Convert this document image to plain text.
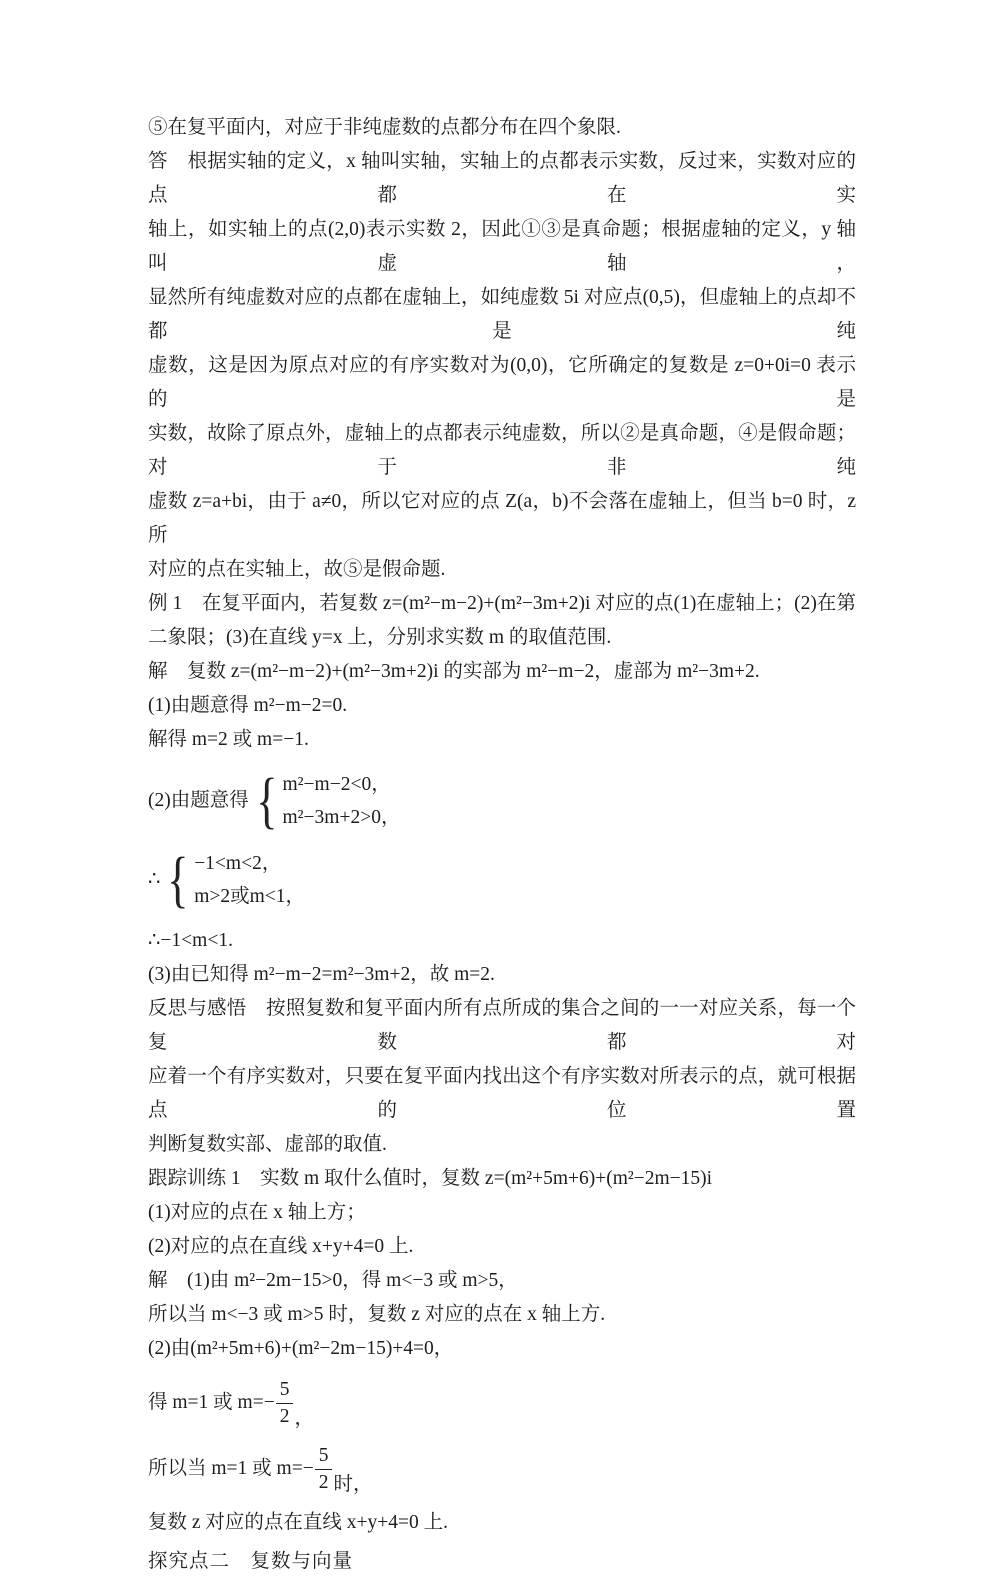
⑤在复平面内，对应于非纯虚数的点都分布在四个象限.
答　根据实轴的定义，x 轴叫实轴，实轴上的点都表示实数，反过来，实数对应的点都在实
轴上，如实轴上的点(2,0)表示实数 2，因此①③是真命题；根据虚轴的定义，y 轴叫虚轴，
显然所有纯虚数对应的点都在虚轴上，如纯虚数 5i 对应点(0,5)，但虚轴上的点却不都是纯
虚数，这是因为原点对应的有序实数对为(0,0)，它所确定的复数是 z=0+0i=0 表示的是
实数，故除了原点外，虚轴上的点都表示纯虚数，所以②是真命题，④是假命题；对于非纯
虚数 z=a+bi，由于 a≠0，所以它对应的点 Z(a，b)不会落在虚轴上，但当 b=0 时，z 所
对应的点在实轴上，故⑤是假命题.
例 1　在复平面内，若复数 z=(m²−m−2)+(m²−3m+2)i 对应的点(1)在虚轴上；(2)在第
二象限；(3)在直线 y=x 上，分别求实数 m 的取值范围.
解　复数 z=(m²−m−2)+(m²−3m+2)i 的实部为 m²−m−2，虚部为 m²−3m+2.
(1)由题意得 m²−m−2=0.
解得 m=2 或 m=−1.
(2)由题意得 { m²−m−2<0，
m²−3m+2>0，
∴ { −1<m<2，
m>2或m<1，
∴−1<m<1.
(3)由已知得 m²−m−2=m²−3m+2，故 m=2.
反思与感悟　按照复数和复平面内所有点所成的集合之间的一一对应关系，每一个复数都对
应着一个有序实数对，只要在复平面内找出这个有序实数对所表示的点，就可根据点的位置
判断复数实部、虚部的取值.
跟踪训练 1　实数 m 取什么值时，复数 z=(m²+5m+6)+(m²−2m−15)i
(1)对应的点在 x 轴上方；
(2)对应的点在直线 x+y+4=0 上.
解　(1)由 m²−2m−15>0，得 m<−3 或 m>5，
所以当 m<−3 或 m>5 时，复数 z 对应的点在 x 轴上方.
(2)由(m²+5m+6)+(m²−2m−15)+4=0，
得 m=1 或 $m=- \frac{5}{2}$ ，
所以当 m=1 或 $m=- \frac{5}{2}$ 时，
复数 z 对应的点在直线 x+y+4=0 上.
探究点二　复数与向量
